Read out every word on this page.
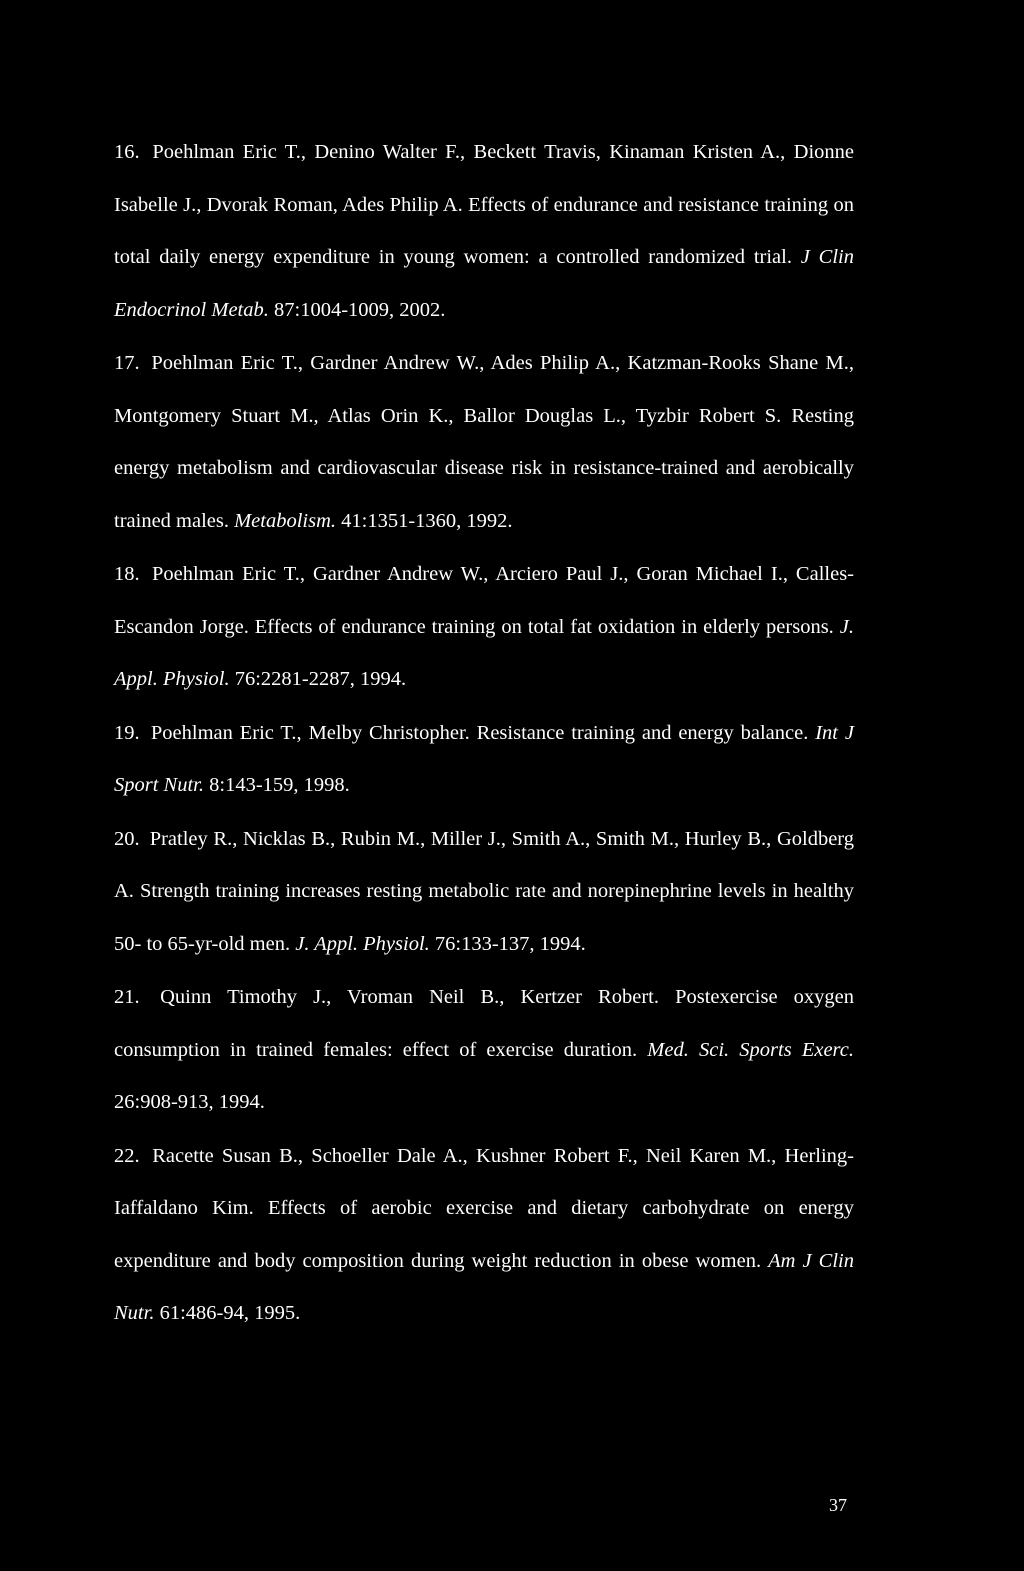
16. Poehlman Eric T., Denino Walter F., Beckett Travis, Kinaman Kristen A., Dionne Isabelle J., Dvorak Roman, Ades Philip A. Effects of endurance and resistance training on total daily energy expenditure in young women: a controlled randomized trial. J Clin Endocrinol Metab. 87:1004-1009, 2002.
17. Poehlman Eric T., Gardner Andrew W., Ades Philip A., Katzman-Rooks Shane M., Montgomery Stuart M., Atlas Orin K., Ballor Douglas L., Tyzbir Robert S. Resting energy metabolism and cardiovascular disease risk in resistance-trained and aerobically trained males. Metabolism. 41:1351-1360, 1992.
18. Poehlman Eric T., Gardner Andrew W., Arciero Paul J., Goran Michael I., Calles-Escandon Jorge. Effects of endurance training on total fat oxidation in elderly persons. J. Appl. Physiol. 76:2281-2287, 1994.
19. Poehlman Eric T., Melby Christopher. Resistance training and energy balance. Int J Sport Nutr. 8:143-159, 1998.
20. Pratley R., Nicklas B., Rubin M., Miller J., Smith A., Smith M., Hurley B., Goldberg A. Strength training increases resting metabolic rate and norepinephrine levels in healthy 50- to 65-yr-old men. J. Appl. Physiol. 76:133-137, 1994.
21. Quinn Timothy J., Vroman Neil B., Kertzer Robert. Postexercise oxygen consumption in trained females: effect of exercise duration. Med. Sci. Sports Exerc. 26:908-913, 1994.
22. Racette Susan B., Schoeller Dale A., Kushner Robert F., Neil Karen M., Herling-Iaffaldano Kim. Effects of aerobic exercise and dietary carbohydrate on energy expenditure and body composition during weight reduction in obese women. Am J Clin Nutr. 61:486-94, 1995.
37
